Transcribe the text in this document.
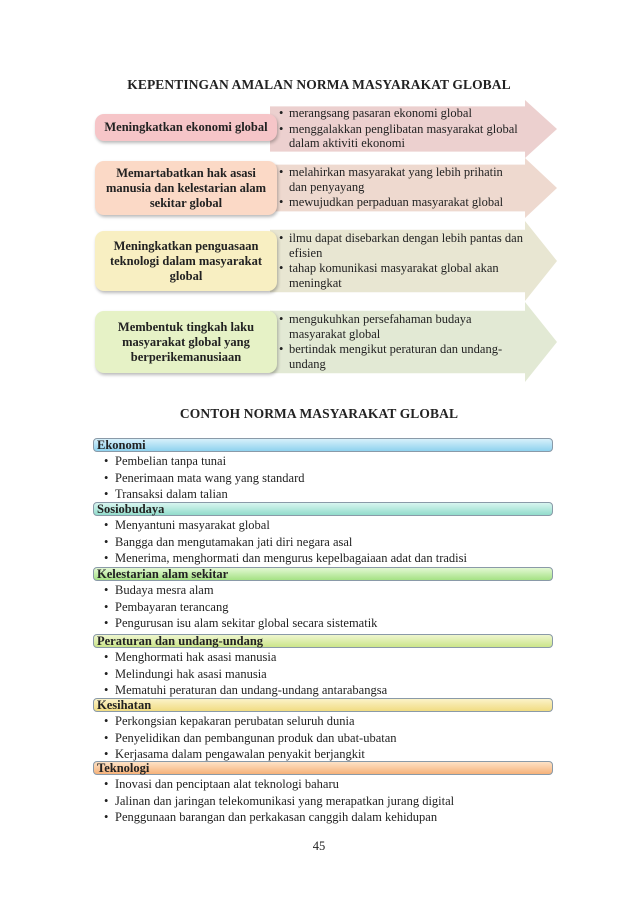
KEPENTINGAN AMALAN NORMA MASYARAKAT GLOBAL
• merangsang pasaran ekonomi global
• menggalakkan penglibatan masyarakat global dalam aktiviti ekonomi
Meningkatkan ekonomi global
• melahirkan masyarakat yang lebih prihatin dan penyayang
• mewujudkan perpaduan masyarakat global
Memartabatkan hak asasi manusia dan kelestarian alam sekitar global
• ilmu dapat disebarkan dengan lebih pantas dan efisien
• tahap komunikasi masyarakat global akan meningkat
Meningkatkan penguasaan teknologi dalam masyarakat global
• mengukuhkan persefahaman budaya masyarakat global
• bertindak mengikut peraturan dan undang-undang
Membentuk tingkah laku masyarakat global yang berperikemanusiaan
CONTOH NORMA MASYARAKAT GLOBAL
Ekonomi
• Pembelian tanpa tunai
• Penerimaan mata wang yang standard
• Transaksi dalam talian
Sosiobudaya
• Menyantuni masyarakat global
• Bangga dan mengutamakan jati diri negara asal
• Menerima, menghormati dan mengurus kepelbagaiaan adat dan tradisi
Kelestarian alam sekitar
• Budaya mesra alam
• Pembayaran terancang
• Pengurusan isu alam sekitar global secara sistematik
Peraturan dan undang-undang
• Menghormati hak asasi manusia
• Melindungi hak asasi manusia
• Mematuhi peraturan dan undang-undang antarabangsa
Kesihatan
• Perkongsian kepakaran perubatan seluruh dunia
• Penyelidikan dan pembangunan produk dan ubat-ubatan
• Kerjasama dalam pengawalan penyakit berjangkit
Teknologi
• Inovasi dan penciptaan alat teknologi baharu
• Jalinan dan jaringan telekomunikasi yang merapatkan jurang digital
• Penggunaan barangan dan perkakasan canggih dalam kehidupan
45
